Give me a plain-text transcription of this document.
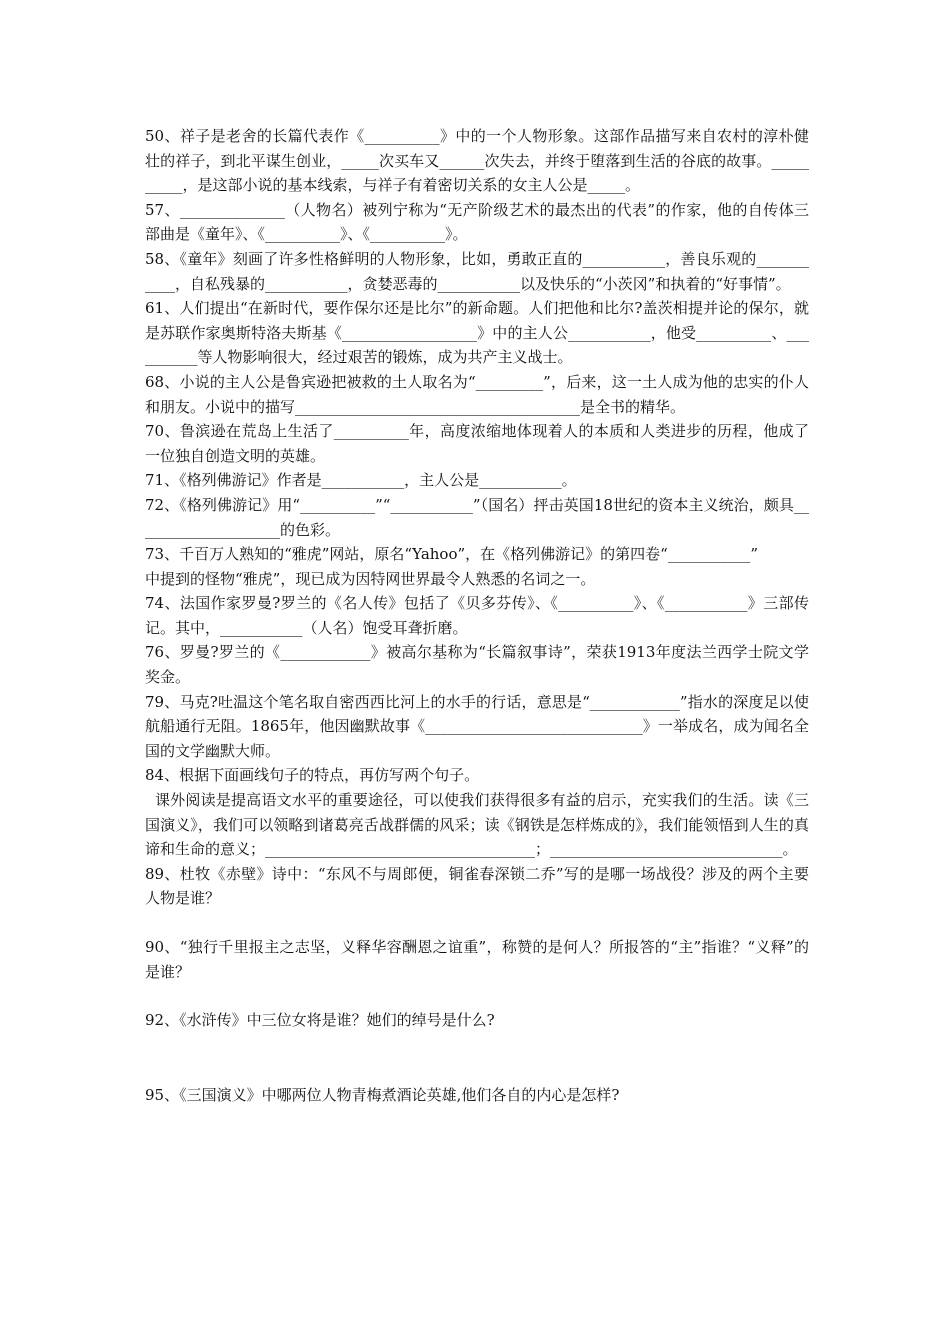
50、祥子是老舍的长篇代表作《__________》中的一个人物形象。这部作品描写来自农村的淳朴健壮的祥子，到北平谋生创业，_____次买车又______次失去，并终于堕落到生活的谷底的故事。__________，是这部小说的基本线索，与祥子有着密切关系的女主人公是_____。

57、______________（人物名）被列宁称为“无产阶级艺术的最杰出的代表”的作家，他的自传体三部曲是《童年》、《__________》、《__________》。

58、《童年》刻画了许多性格鲜明的人物形象，比如，勇敢正直的___________，善良乐观的___________，自私残暴的___________，贪婪恶毒的___________以及快乐的“小茨冈”和执着的“好事情”。

61、人们提出“在新时代，要作保尔还是比尔”的新命题。人们把他和比尔?盖茨相提并论的保尔，就是苏联作家奥斯特洛夫斯基《__________________》中的主人公___________，他受__________、__________等人物影响很大，经过艰苦的锻炼，成为共产主义战士。

68、小说的主人公是鲁宾逊把被救的土人取名为“_________”，后来，这一土人成为他的忠实的仆人和朋友。小说中的描写______________________________________是全书的精华。

70、鲁滨逊在荒岛上生活了__________年，高度浓缩地体现着人的本质和人类进步的历程，他成了一位独自创造文明的英雄。

71、《格列佛游记》作者是___________，主人公是___________。

72、《格列佛游记》用“__________”“___________”（国名）抨击英国18世纪的资本主义统治，颇具____________________的色彩。

73、千百万人熟知的“雅虎”网站，原名“Yahoo”，在《格列佛游记》的第四卷“___________”

中提到的怪物“雅虎”，现已成为因特网世界最令人熟悉的名词之一。

74、法国作家罗曼?罗兰的《名人传》包括了《贝多芬传》、《__________》、《___________》三部传记。其中，___________（人名）饱受耳聋折磨。

76、罗曼?罗兰的《____________》被高尔基称为“长篇叙事诗”，荣获1913年度法兰西学士院文学奖金。

79、马克?吐温这个笔名取自密西西比河上的水手的行话，意思是“____________”指水的深度足以使航船通行无阻。1865年，他因幽默故事《_____________________________》一举成名，成为闻名全国的文学幽默大师。

84、根据下面画线句子的特点，再仿写两个句子。

课外阅读是提高语文水平的重要途径，可以使我们获得很多有益的启示，充实我们的生活。读《三国演义》，我们可以领略到诸葛亮舌战群儒的风采；读《钢铁是怎样炼成的》，我们能领悟到人生的真谛和生命的意义；____________________________________；_______________________________。

89、杜牧《赤壁》诗中：“东风不与周郎便，铜雀春深锁二乔”写的是哪一场战役？涉及的两个主要人物是谁？

90、“独行千里报主之志坚，义释华容酬恩之谊重”，称赞的是何人？所报答的“主”指谁？“义释”的是谁？

92、《水浒传》中三位女将是谁？她们的绰号是什么?

95、《三国演义》中哪两位人物青梅煮酒论英雄,他们各自的内心是怎样?
